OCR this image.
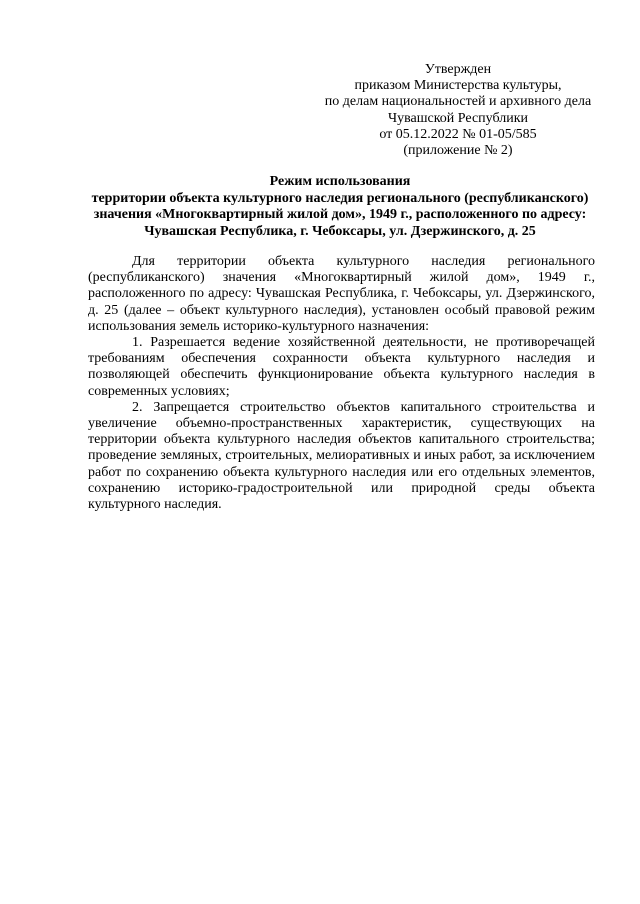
Утвержден
приказом Министерства культуры,
по делам национальностей и архивного дела
Чувашской Республики
от 05.12.2022 № 01-05/585
(приложение № 2)
Режим использования
территории объекта культурного наследия регионального (республиканского)
значения «Многоквартирный жилой дом», 1949 г., расположенного по адресу:
Чувашская Республика, г. Чебоксары, ул. Дзержинского, д. 25

Для территории объекта культурного наследия регионального (республиканского) значения «Многоквартирный жилой дом», 1949 г., расположенного по адресу: Чувашская Республика, г. Чебоксары, ул. Дзержинского, д. 25 (далее – объект культурного наследия), установлен особый правовой режим использования земель историко-культурного назначения:

1. Разрешается ведение хозяйственной деятельности, не противоречащей требованиям обеспечения сохранности объекта культурного наследия и позволяющей обеспечить функционирование объекта культурного наследия в современных условиях;

2. Запрещается строительство объектов капитального строительства и увеличение объемно-пространственных характеристик, существующих на территории объекта культурного наследия объектов капитального строительства; проведение земляных, строительных, мелиоративных и иных работ, за исключением работ по сохранению объекта культурного наследия или его отдельных элементов, сохранению историко-градостроительной или природной среды объекта культурного наследия.
